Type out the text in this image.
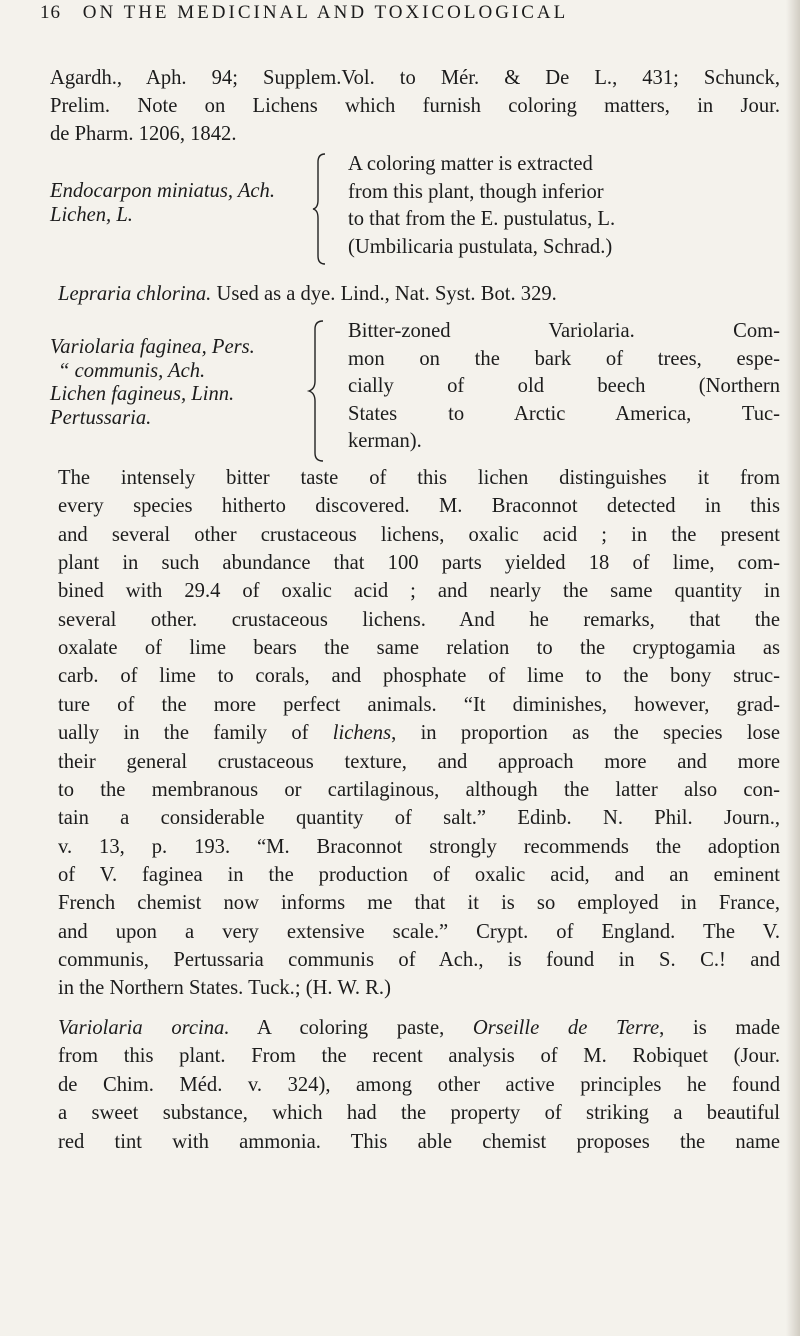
16 ON THE MEDICINAL AND TOXICOLOGICAL
Agardh., Aph. 94; Supplem.Vol. to Mér. & De L., 431; Schunck,
Prelim. Note on Lichens which furnish coloring matters, in Jour.
de Pharm. 1206, 1842.
Endocarpon miniatus, Ach.
Lichen, L.
A coloring matter is extracted
from this plant, though inferior
to that from the E. pustulatus, L.
(Umbilicaria pustulata, Schrad.)
Lepraria chlorina. Used as a dye. Lind., Nat. Syst. Bot. 329.
Variolaria faginea, Pers.
“ communis, Ach.
Lichen fagineus, Linn.
Pertussaria.
Bitter-zoned Variolaria. Com-
mon on the bark of trees, espe-
cially of old beech (Northern
States to Arctic America, Tuc-
kerman).
The intensely bitter taste of this lichen distinguishes it from
every species hitherto discovered. M. Braconnot detected in this
and several other crustaceous lichens, oxalic acid ; in the present
plant in such abundance that 100 parts yielded 18 of lime, com-
bined with 29.4 of oxalic acid ; and nearly the same quantity in
several other. crustaceous lichens. And he remarks, that the
oxalate of lime bears the same relation to the cryptogamia as
carb. of lime to corals, and phosphate of lime to the bony struc-
ture of the more perfect animals. “It diminishes, however, grad-
ually in the family of lichens, in proportion as the species lose
their general crustaceous texture, and approach more and more
to the membranous or cartilaginous, although the latter also con-
tain a considerable quantity of salt.” Edinb. N. Phil. Journ.,
v. 13, p. 193. “M. Braconnot strongly recommends the adoption
of V. faginea in the production of oxalic acid, and an eminent
French chemist now informs me that it is so employed in France,
and upon a very extensive scale.” Crypt. of England. The V.
communis, Pertussaria communis of Ach., is found in S. C.! and
in the Northern States. Tuck.; (H. W. R.)
Variolaria orcina. A coloring paste, Orseille de Terre, is made
from this plant. From the recent analysis of M. Robiquet (Jour.
de Chim. Méd. v. 324), among other active principles he found
a sweet substance, which had the property of striking a beautiful
red tint with ammonia. This able chemist proposes the name
